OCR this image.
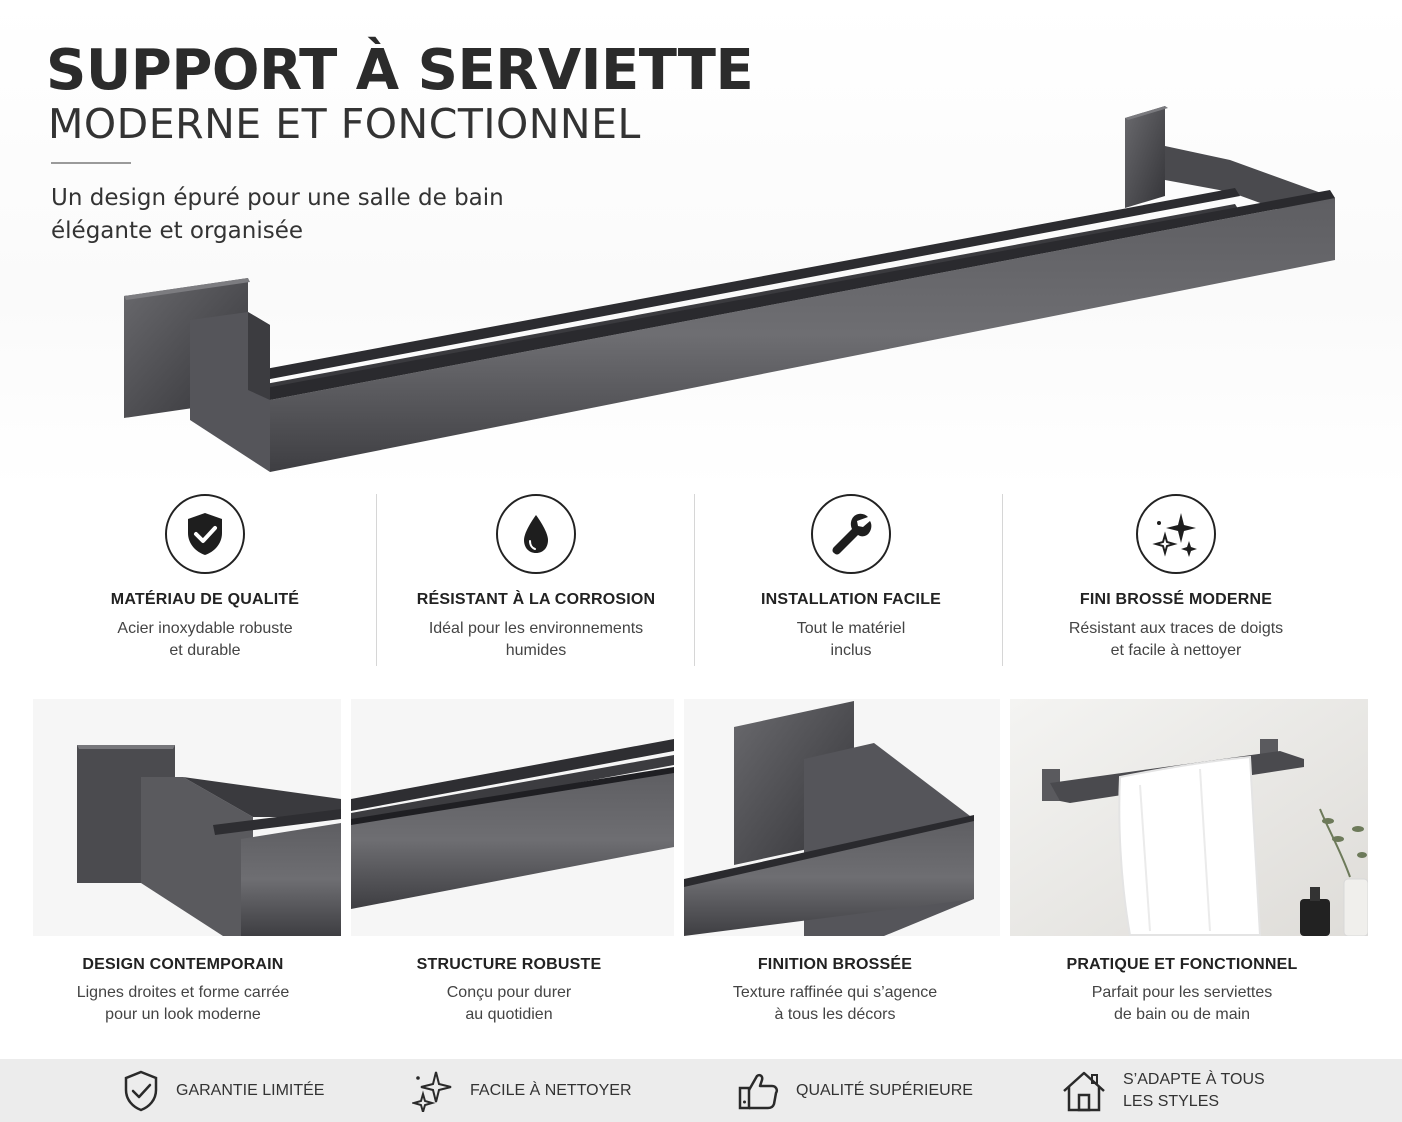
SUPPORT À SERVIETTE
MODERNE ET FONCTIONNEL
Un design épuré pour une salle de bain
élégante et organisée
MATÉRIAU DE QUALITÉ
Acier inoxydable robuste
et durable
RÉSISTANT À LA CORROSION
Idéal pour les environnements
humides
INSTALLATION FACILE
Tout le matériel
inclus
FINI BROSSÉ MODERNE
Résistant aux traces de doigts
et facile à nettoyer
DESIGN CONTEMPORAIN
Lignes droites et forme carrée
pour un look moderne
STRUCTURE ROBUSTE
Conçu pour durer
au quotidien
FINITION BROSSÉE
Texture raffinée qui s’agence
à tous les décors
PRATIQUE ET FONCTIONNEL
Parfait pour les serviettes
de bain ou de main
GARANTIE LIMITÉE	FACILE À NETTOYER	QUALITÉ SUPÉRIEURE
S’ADAPTE À TOUS
LES STYLES
